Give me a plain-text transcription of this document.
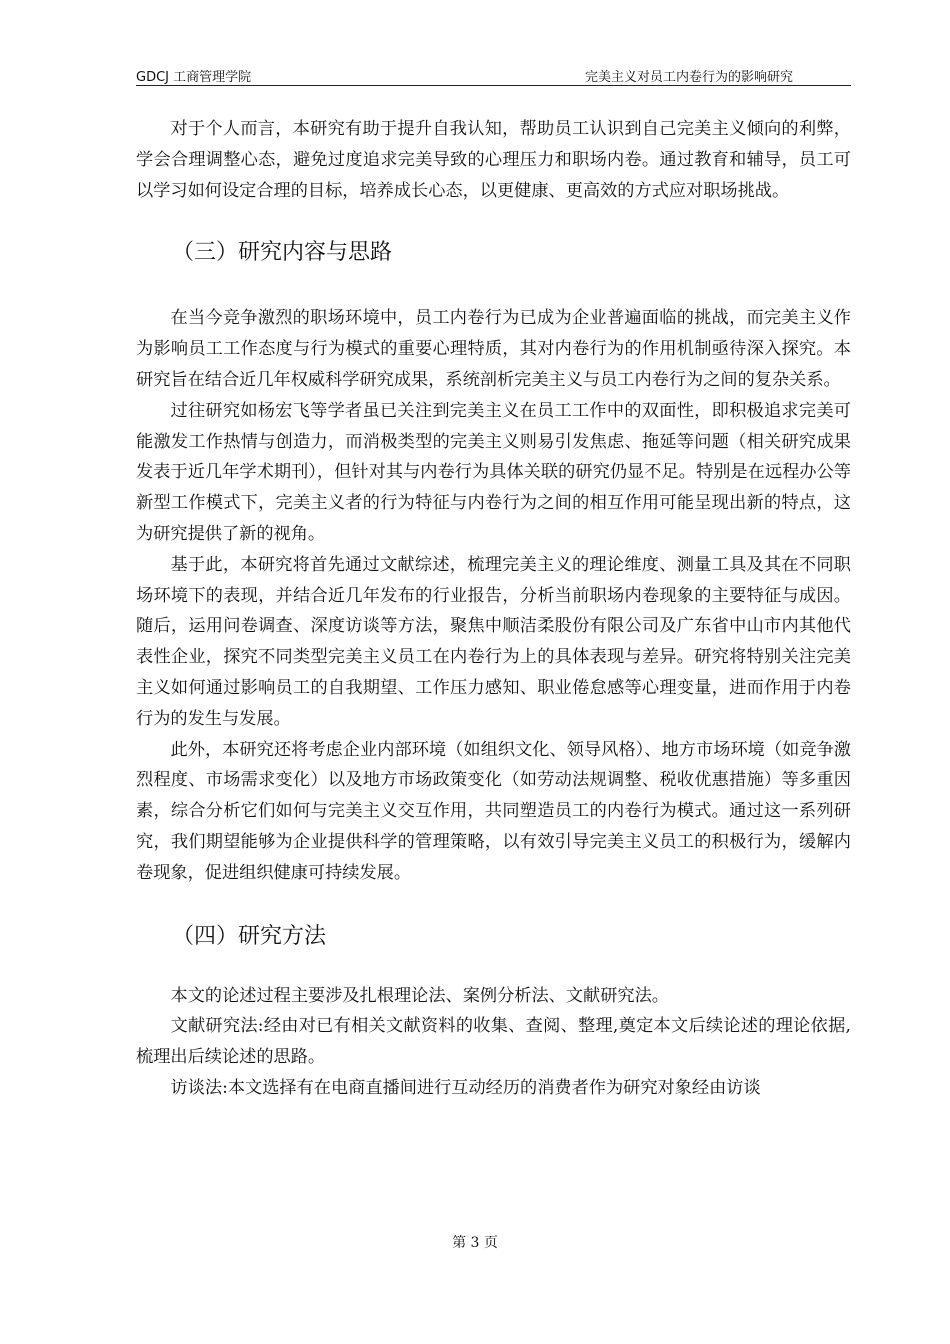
GDCJ 工商管理学院	完美主义对员工内卷行为的影响研究

对于个人而言，本研究有助于提升自我认知，帮助员工认识到自己完美主义倾向的利弊，学会合理调整心态，避免过度追求完美导致的心理压力和职场内卷。通过教育和辅导，员工可以学习如何设定合理的目标，培养成长心态，以更健康、更高效的方式应对职场挑战。

（三）研究内容与思路

在当今竞争激烈的职场环境中，员工内卷行为已成为企业普遍面临的挑战，而完美主义作为影响员工工作态度与行为模式的重要心理特质，其对内卷行为的作用机制亟待深入探究。本研究旨在结合近几年权威科学研究成果，系统剖析完美主义与员工内卷行为之间的复杂关系。

过往研究如杨宏飞等学者虽已关注到完美主义在员工工作中的双面性，即积极追求完美可能激发工作热情与创造力，而消极类型的完美主义则易引发焦虑、拖延等问题（相关研究成果发表于近几年学术期刊），但针对其与内卷行为具体关联的研究仍显不足。特别是在远程办公等新型工作模式下，完美主义者的行为特征与内卷行为之间的相互作用可能呈现出新的特点，这为研究提供了新的视角。

基于此，本研究将首先通过文献综述，梳理完美主义的理论维度、测量工具及其在不同职场环境下的表现，并结合近几年发布的行业报告，分析当前职场内卷现象的主要特征与成因。随后，运用问卷调查、深度访谈等方法，聚焦中顺洁柔股份有限公司及广东省中山市内其他代表性企业，探究不同类型完美主义员工在内卷行为上的具体表现与差异。研究将特别关注完美主义如何通过影响员工的自我期望、工作压力感知、职业倦怠感等心理变量，进而作用于内卷行为的发生与发展。

此外，本研究还将考虑企业内部环境（如组织文化、领导风格）、地方市场环境（如竞争激烈程度、市场需求变化）以及地方市场政策变化（如劳动法规调整、税收优惠措施）等多重因素，综合分析它们如何与完美主义交互作用，共同塑造员工的内卷行为模式。通过这一系列研究，我们期望能够为企业提供科学的管理策略，以有效引导完美主义员工的积极行为，缓解内卷现象，促进组织健康可持续发展。

（四）研究方法

本文的论述过程主要涉及扎根理论法、案例分析法、文献研究法。

文献研究法:经由对已有相关文献资料的收集、查阅、整理,奠定本文后续论述的理论依据,梳理出后续论述的思路。

访谈法:本文选择有在电商直播间进行互动经历的消费者作为研究对象经由访谈

第 3 页
